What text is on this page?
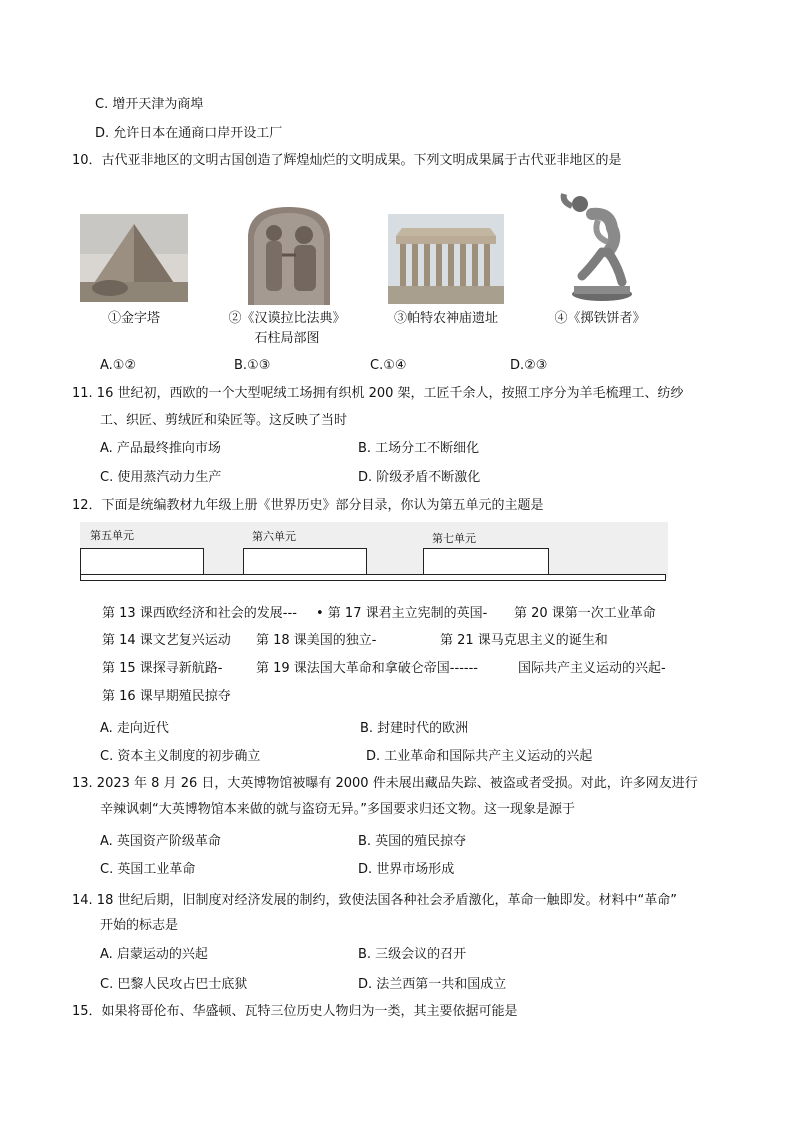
C. 增开天津为商埠
D. 允许日本在通商口岸开设工厂
10．古代亚非地区的文明古国创造了辉煌灿烂的文明成果。下列文明成果属于古代亚非地区的是
①金字塔	②《汉谟拉比法典》
石柱局部图
③帕特农神庙遗址	④《掷铁饼者》
A.①②	B.①③	C.①④	D.②③
11. 16 世纪初，西欧的一个大型呢绒工场拥有织机 200 架，工匠千余人，按照工序分为羊毛梳理工、纺纱
工、织匠、剪绒匠和染匠等。这反映了当时
A. 产品最终推向市场	B. 工场分工不断细化
C. 使用蒸汽动力生产	D. 阶级矛盾不断激化
12．下面是统编教材九年级上册《世界历史》部分目录，你认为第五单元的主题是
第五单元	第六单元	第七单元
第 13 课西欧经济和社会的发展--- • 第 17 课君主立宪制的英国- 第 20 课第一次工业革命
第 14 课文艺复兴运动 第 18 课美国的独立-	第 21 课马克思主义的诞生和
第 15 课探寻新航路-	第 19 课法国大革命和拿破仑帝国------	国际共产主义运动的兴起-
第 16 课早期殖民掠夺
A. 走向近代	B. 封建时代的欧洲
C. 资本主义制度的初步确立	D. 工业革命和国际共产主义运动的兴起
13. 2023 年 8 月 26 日，大英博物馆被曝有 2000 件未展出藏品失踪、被盗或者受损。对此，许多网友进行
辛辣讽刺“大英博物馆本来做的就与盗窃无异。”多国要求归还文物。这一现象是源于
A. 英国资产阶级革命	B. 英国的殖民掠夺
C. 英国工业革命	D. 世界市场形成
14. 18 世纪后期，旧制度对经济发展的制约，致使法国各种社会矛盾激化，革命一触即发。材料中“革命”
开始的标志是
A. 启蒙运动的兴起	B. 三级会议的召开
C. 巴黎人民攻占巴士底狱	D. 法兰西第一共和国成立
15．如果将哥伦布、华盛顿、瓦特三位历史人物归为一类，其主要依据可能是
